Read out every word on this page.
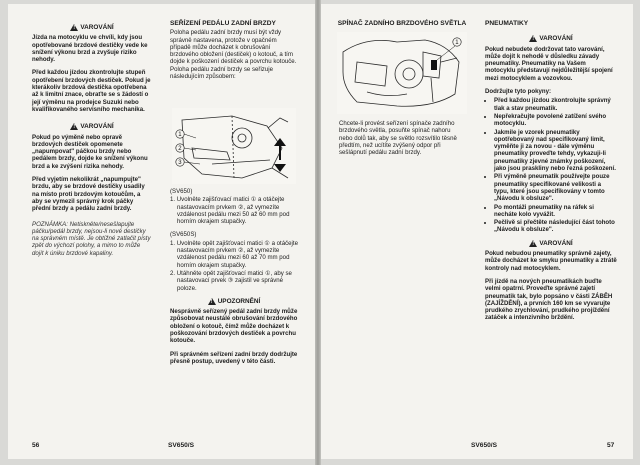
!
VAROVÁNÍ

Jízda na motocyklu ve chvíli, kdy jsou opotřebované brzdové destičky vede ke snížení výkonu brzd a zvyšuje riziko nehody.

Před každou jízdou zkontrolujte stupeň opotřebení brzdových destiček. Pokud je kterákoliv brzdová destička opotřebena až k limitní znace, obraťte se s žádostí o její výměnu na prodejce Suzuki nebo kvalifikovaného servisního mechanika.

!
VAROVÁNÍ

Pokud po výměně nebo opravě brzdových destiček opomenete „napumpovat" páčkou brzdy nebo pedálem brzdy, dojde ke snížení výkonu brzd a ke zvýšení rizika nehody.

Před vyjetím nekolikrát „napumpujte" brzdu, aby se brzdové destičky usadily na místo proti brzdovým kotoučům, a aby se vymezil správný krok páčky přední brzdy a pedálu zadní brzdy.

POZNÁMKA: Netiskněte/nesešlapujte páčku/pedál brzdy, nejsou-li nové destičky na správném místě. Je obtížné zatlačit písty zpět do výchozí polohy, a mimo to může dojít k úniku brzdové kapaliny.

SEŘÍZENÍ PEDÁLU ZADNÍ BRZDY

Poloha pedálu zadní brzdy musí být vždy správně nastavena, protože v opačném případě může docházet k obrušování brzdového obložení (destiček) o kotouč, a tím dojde k poškození destiček a povrchu kotouče. Poloha pedálu zadní brzdy se seřizuje následujícím způsobem:

1
2
3

(SV650)

1. Uvolněte zajišťovací matici ① a otáčejte nastavovacím prvkem ②, až vymezíte vzdálenost pedálu mezi 50 až 60 mm pod horním okrajem stupačky.

(SV650S)

1. Uvolněte opět zajišťovací matici ① a otáčejte nastavovacím prvkem ②, až vymezíte vzdálenost pedálu mezi 60 až 70 mm pod horním okrajem stupačky.

2. Utáhněte opět zajišťovací matici ①, aby se nastavovací prvek ③ zajistil ve správné poloze.

!
UPOZORNĚNÍ

Nesprávně seřízený pedál zadní brzdy může způsobovat neustálé obrušování brzdového obložení o kotouč, čímž může docházet k poškozování brzdových destiček a povrchu kotouče.

Při správném seřízení zadní brzdy dodržujte přesně postup, uvedený v této části.

56	SV650/S
SPÍNAČ ZADNÍHO BRZDOVÉHO SVĚTLA
1

Chcete-li provést seřízení spínače zadního brzdového světla, posuňte spínač nahoru nebo dolů tak, aby se světlo rozsvítilo těsně předtím, než ucítíte zvýšený odpor při sešlápnutí pedálu zadní brzdy.

PNEUMATIKY
!
VAROVÁNÍ

Pokud nebudete dodržovat tato varování, může dojít k nehodě v důsledku závady pneumatiky. Pneumatiky na Vašem motocyklu představují nejdůležitější spojení mezi motocyklem a vozovkou.

Dodržujte tyto pokyny:

• Před každou jízdou zkontrolujte správný tlak a stav pneumatik.
• Nepřekračujte povolené zatížení svého motocyklu.
• Jakmile je vzorek pneumatiky opotřebovaný nad specifikovaný limit, vyměňte ji za novou - dále výměnu pneumatiky proveďte tehdy, vykazuji-li pneumatiky zjevné známky poškození, jako jsou praskliny nebo řezná poškození.
• Při výměně pneumatik používejte pouze pneumatiky specifikované velikosti a typu, které jsou specifikovány v tomto „Návodu k obsluze".
• Po montáži pneumatiky na ráfek si necháte kolo vyvážit.
• Pečlivě si přečtěte následující část tohoto „Návodu k obsluze".
!
VAROVÁNÍ

Pokud nebudou pneumatiky správně zajety, může docházet ke smyku pneumatiky a ztrátě kontroly nad motocyklem.

Při jízdě na nových pneumatikách buďte velmi opatrní. Proveďte správné zajetí pneumatik tak, bylo popsáno v části ZÁBĚH (ZAJÍŽDĚNÍ), a prvních 160 km se vyvarujte prudkého zrychlování, prudkého projíždění zatáček a intenzivního brždění.

SV650/S	57
